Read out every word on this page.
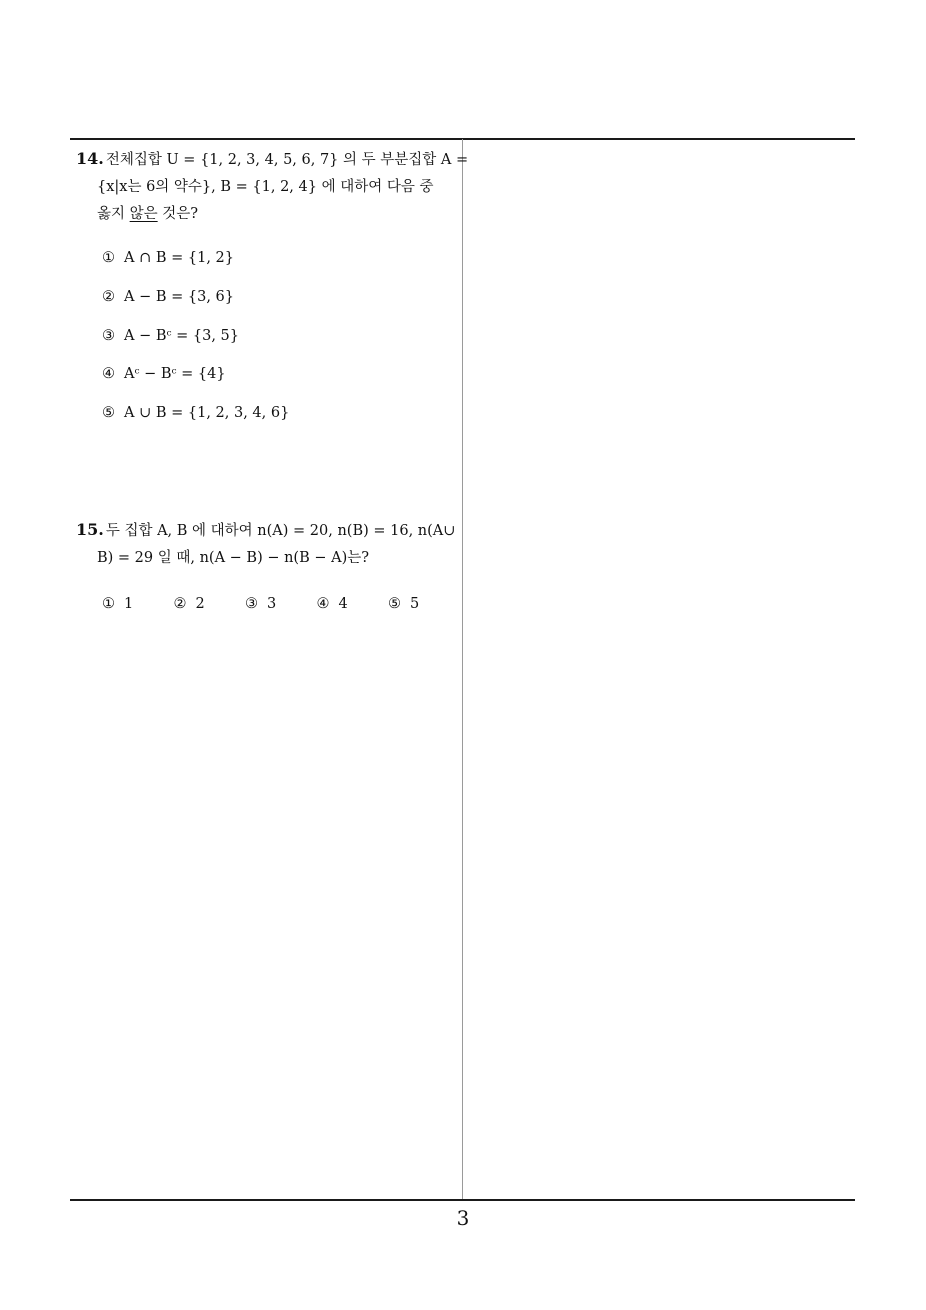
14. 전체집합 U = {1, 2, 3, 4, 5, 6, 7} 의 두 부분집합 A =
{x|x는 6의 약수}, B = {1, 2, 4} 에 대하여 다음 중
옳지 않은 것은?
① A ∩ B = {1, 2}
② A − B = {3, 6}
③ A − Bᶜ = {3, 5}
④ Aᶜ − Bᶜ = {4}
⑤ A ∪ B = {1, 2, 3, 4, 6}
15. 두 집합 A, B 에 대하여 n(A) = 20, n(B) = 16, n(A∪
B) = 29 일 때, n(A − B) − n(B − A)는?
① 1	② 2	③ 3	④ 4	⑤ 5
3
